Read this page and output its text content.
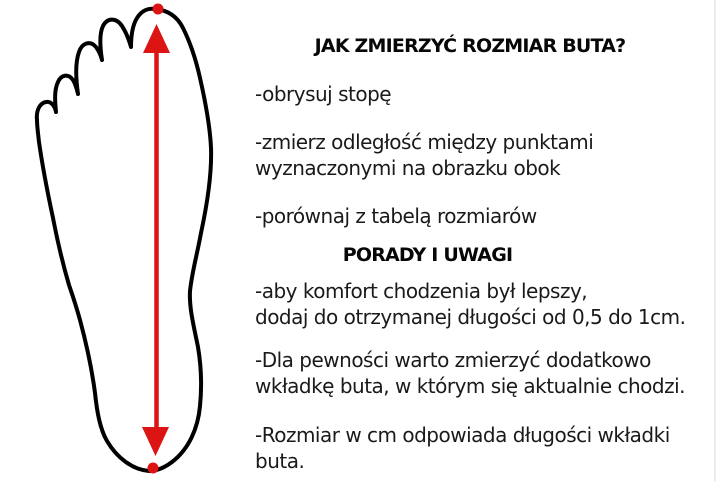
JAK ZMIERZYĆ ROZMIAR BUTA?
-obrysuj stopę
-zmierz odległość między punktami
wyznaczonymi na obrazku obok
-porównaj z tabelą rozmiarów
PORADY I UWAGI
-aby komfort chodzenia był lepszy,
dodaj do otrzymanej długości od 0,5 do 1cm.
-Dla pewności warto zmierzyć dodatkowo
wkładkę buta, w którym się aktualnie chodzi.
-Rozmiar w cm odpowiada długości wkładki
buta.
